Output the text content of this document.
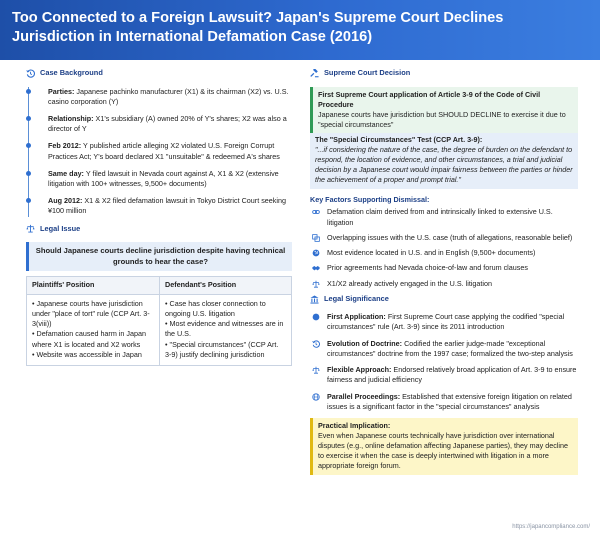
Too Connected to a Foreign Lawsuit? Japan's Supreme Court Declines Jurisdiction in International Defamation Case (2016)
Case Background
Parties: Japanese pachinko manufacturer (X1) & its chairman (X2) vs. U.S. casino corporation (Y)
Relationship: X1's subsidiary (A) owned 20% of Y's shares; X2 was also a director of Y
Feb 2012: Y published article alleging X2 violated U.S. Foreign Corrupt Practices Act; Y's board declared X1 "unsuitable" & redeemed A's shares
Same day: Y filed lawsuit in Nevada court against A, X1 & X2 (extensive litigation with 100+ witnesses, 9,500+ documents)
Aug 2012: X1 & X2 filed defamation lawsuit in Tokyo District Court seeking ¥100 million
Legal Issue
Should Japanese courts decline jurisdiction despite having technical grounds to hear the case?
Plaintiffs' Position
• Japanese courts have jurisdiction under "place of tort" rule (CCP Art. 3-3(viii))
• Defamation caused harm in Japan where X1 is located and X2 works
• Website was accessible in Japan
Defendant's Position
• Case has closer connection to ongoing U.S. litigation
• Most evidence and witnesses are in the U.S.
• "Special circumstances" (CCP Art. 3-9) justify declining jurisdiction
Supreme Court Decision
First Supreme Court application of Article 3-9 of the Code of Civil Procedure
Japanese courts have jurisdiction but SHOULD DECLINE to exercise it due to "special circumstances"
The "Special Circumstances" Test (CCP Art. 3-9):
"...if considering the nature of the case, the degree of burden on the defendant to respond, the location of evidence, and other circumstances, a trial and judicial decision by a Japanese court would impair fairness between the parties or hinder the achievement of a proper and prompt trial."
Key Factors Supporting Dismissal:
Defamation claim derived from and intrinsically linked to extensive U.S. litigation
Overlapping issues with the U.S. case (truth of allegations, reasonable belief)
Most evidence located in U.S. and in English (9,500+ documents)
Prior agreements had Nevada choice-of-law and forum clauses
X1/X2 already actively engaged in the U.S. litigation
Legal Significance
First Application: First Supreme Court case applying the codified "special circumstances" rule (Art. 3-9) since its 2011 introduction
Evolution of Doctrine: Codified the earlier judge-made "exceptional circumstances" doctrine from the 1997 case; formalized the two-step analysis
Flexible Approach: Endorsed relatively broad application of Art. 3-9 to ensure fairness and judicial efficiency
Parallel Proceedings: Established that extensive foreign litigation on related issues is a significant factor in the "special circumstances" analysis
Practical Implication:
Even when Japanese courts technically have jurisdiction over international disputes (e.g., online defamation affecting Japanese parties), they may decline to exercise it when the case is deeply intertwined with litigation in a more appropriate foreign forum.
https://japancompliance.com/
